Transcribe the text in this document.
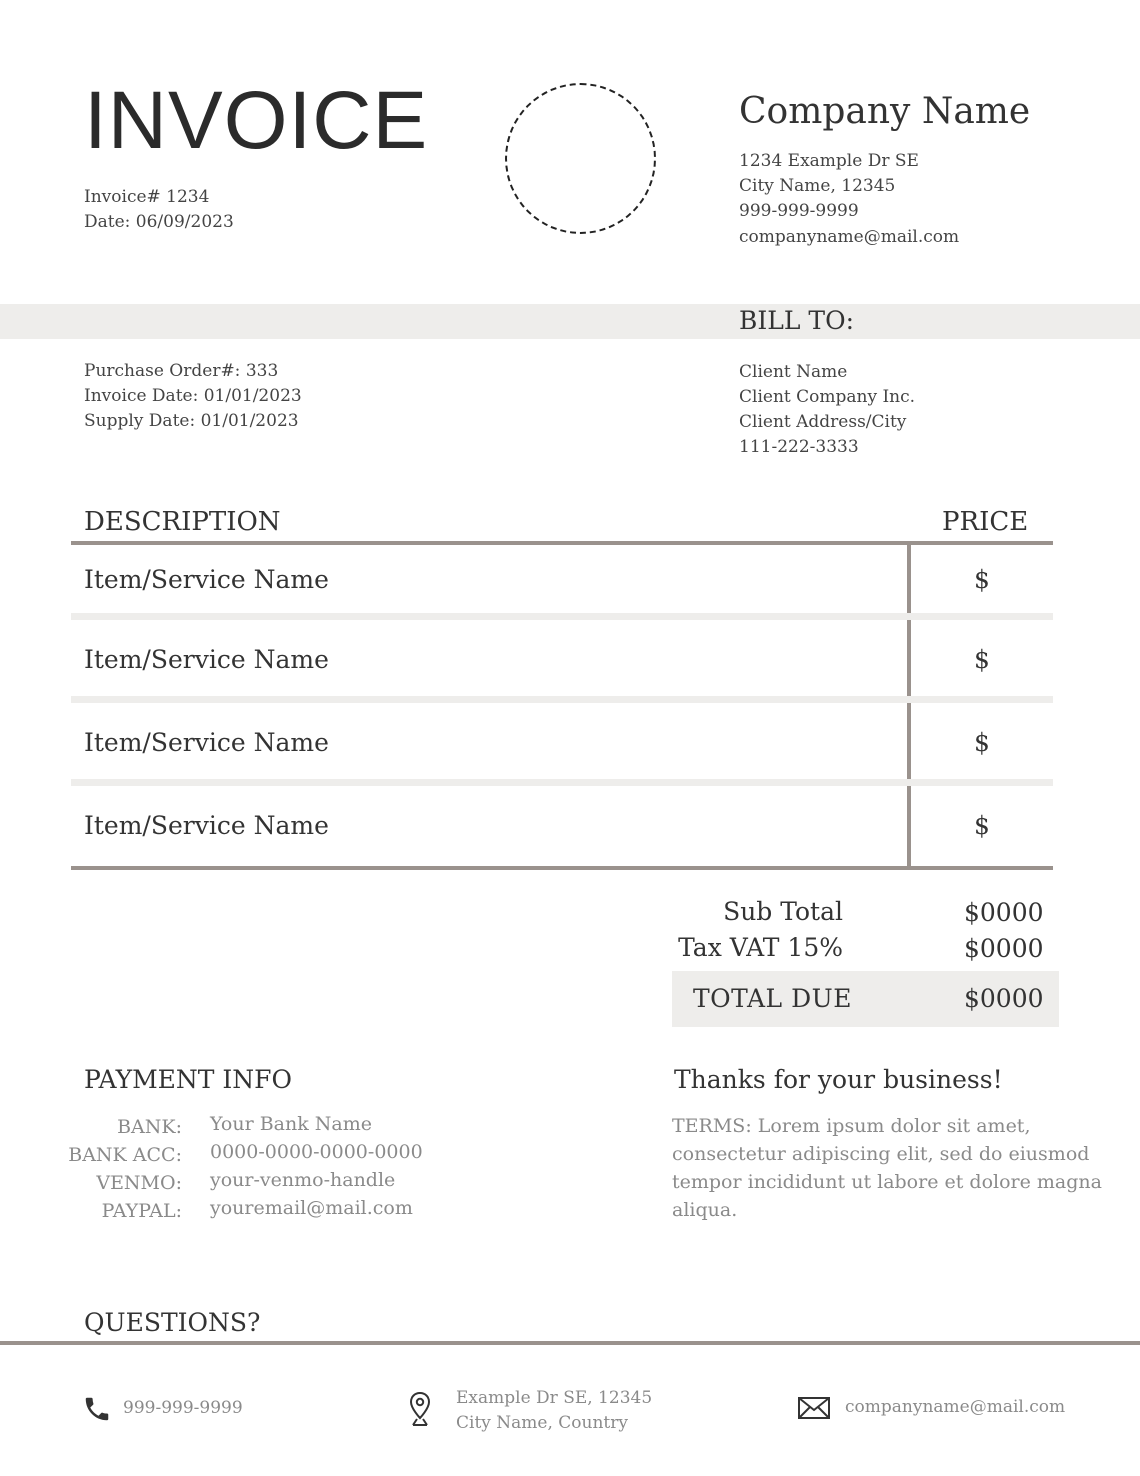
INVOICE
Invoice# 1234
Date: 06/09/2023
Company Name
1234 Example Dr SE
City Name, 12345
999-999-9999
companyname@mail.com
BILL TO:
Purchase Order#: 333
Invoice Date: 01/01/2023
Supply Date: 01/01/2023
Client Name
Client Company Inc.
Client Address/City
111-222-3333
DESCRIPTION	PRICE
Item/Service Name	$
Item/Service Name	$
Item/Service Name	$
Item/Service Name	$
Sub Total	$0000
Tax VAT 15%	$0000
TOTAL DUE	$0000
PAYMENT INFO
BANK: Your Bank Name
BANK ACC: 0000-0000-0000-0000
VENMO: your-venmo-handle
PAYPAL: youremail@mail.com
Thanks for your business!
TERMS: Lorem ipsum dolor sit amet, consectetur adipiscing elit, sed do eiusmod tempor incididunt ut labore et dolore magna aliqua.
QUESTIONS?
999-999-9999	Example Dr SE, 12345
City Name, Country
companyname@mail.com
